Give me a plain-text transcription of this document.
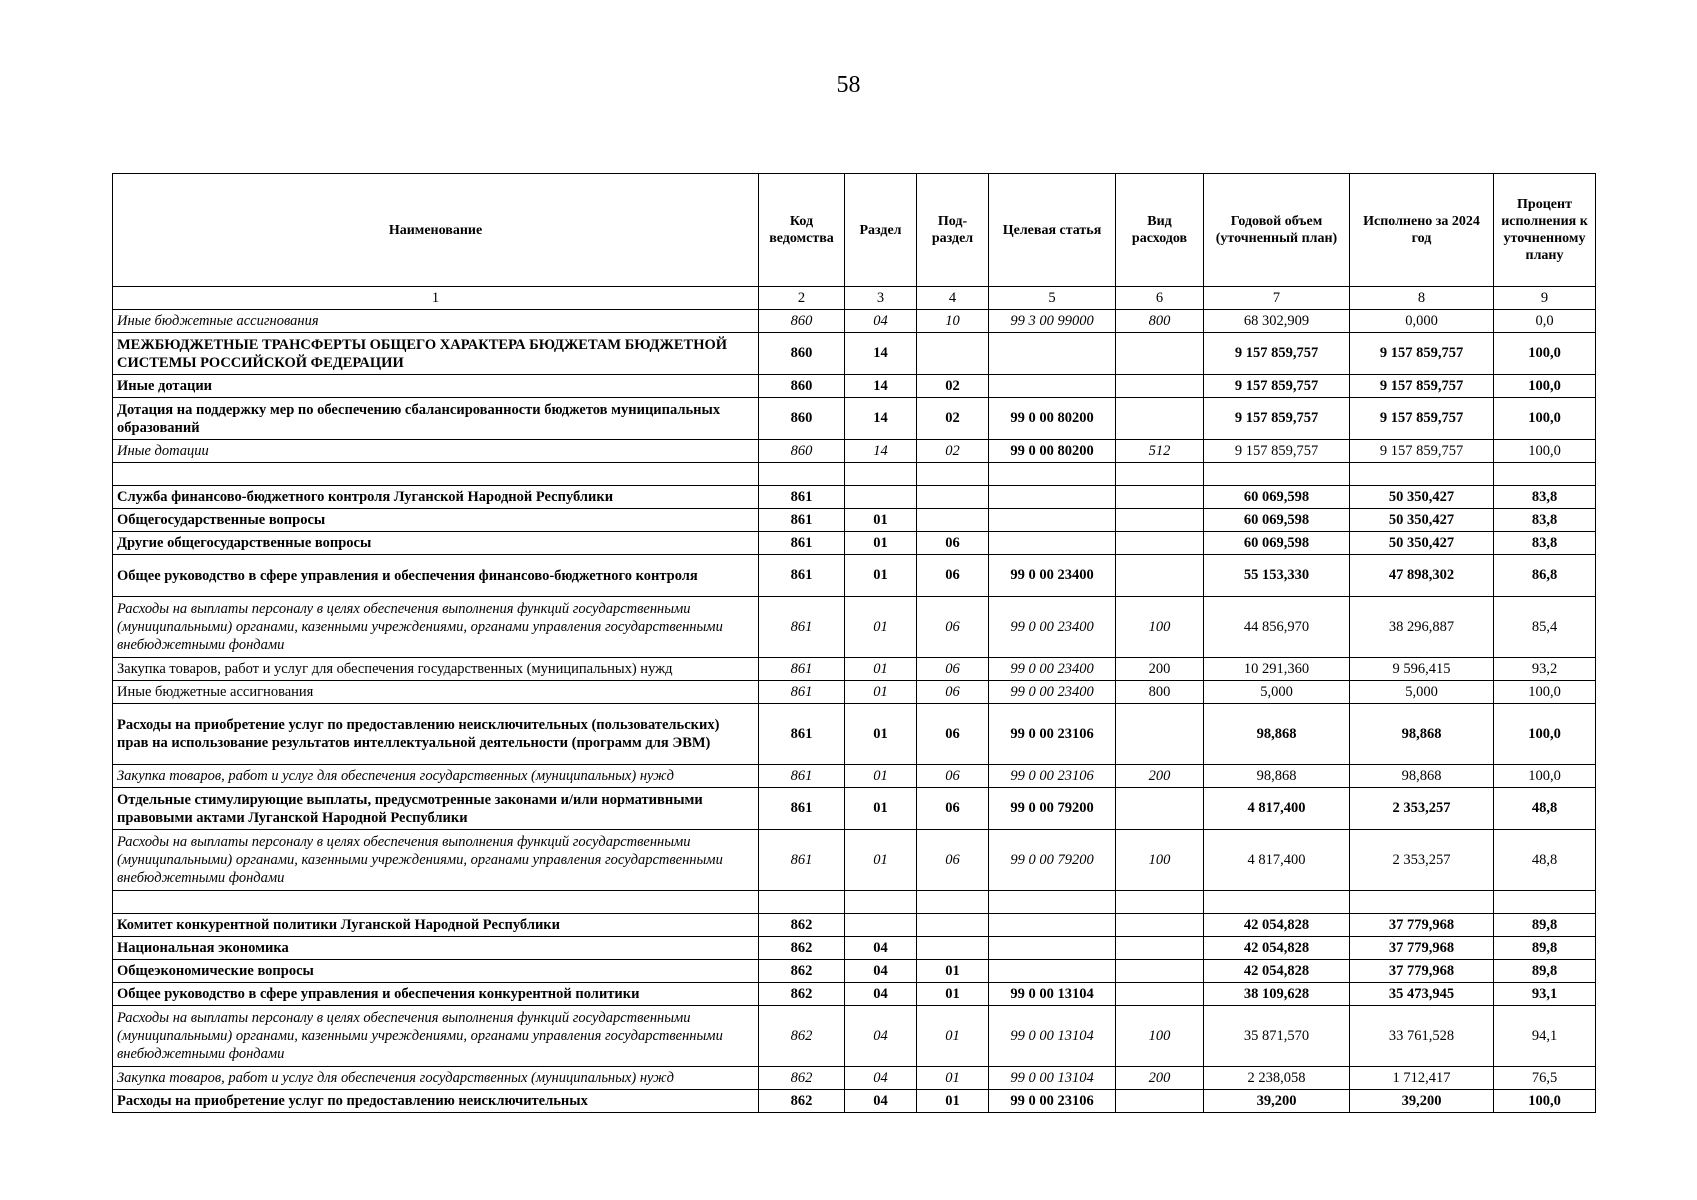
58
Наименование	Код ведомства	Раздел	Под-раздел	Целевая статья	Вид расходов	Годовой объем (уточненный план)	Исполнено за 2024 год	Процент исполнения к уточненному плану
1	2	3	4	5	6	7	8	9
Иные бюджетные ассигнования	860	04	10	99 3 00 99000	800	68 302,909	0,000	0,0
МЕЖБЮДЖЕТНЫЕ ТРАНСФЕРТЫ ОБЩЕГО ХАРАКТЕРА БЮДЖЕТАМ БЮДЖЕТНОЙ СИСТЕМЫ РОССИЙСКОЙ ФЕДЕРАЦИИ	860	14				9 157 859,757	9 157 859,757	100,0
Иные дотации	860	14	02			9 157 859,757	9 157 859,757	100,0
Дотация на поддержку мер по обеспечению сбалансированности бюджетов муниципальных образований	860	14	02	99 0 00 80200		9 157 859,757	9 157 859,757	100,0
Иные дотации	860	14	02	99 0 00 80200	512	9 157 859,757	9 157 859,757	100,0

Служба финансово-бюджетного контроля Луганской Народной Республики	861					60 069,598	50 350,427	83,8
Общегосударственные вопросы	861	01				60 069,598	50 350,427	83,8
Другие общегосударственные вопросы	861	01	06			60 069,598	50 350,427	83,8
Общее руководство в сфере управления и обеспечения финансово-бюджетного контроля	861	01	06	99 0 00 23400		55 153,330	47 898,302	86,8
Расходы на выплаты персоналу в целях обеспечения выполнения функций государственными (муниципальными) органами, казенными учреждениями, органами управления государственными внебюджетными фондами	861	01	06	99 0 00 23400	100	44 856,970	38 296,887	85,4
Закупка товаров, работ и услуг для обеспечения государственных (муниципальных) нужд	861	01	06	99 0 00 23400	200	10 291,360	9 596,415	93,2
Иные бюджетные ассигнования	861	01	06	99 0 00 23400	800	5,000	5,000	100,0
Расходы на приобретение услуг по предоставлению неисключительных (пользовательских) прав на использование результатов интеллектуальной деятельности (программ для ЭВМ)	861	01	06	99 0 00 23106		98,868	98,868	100,0
Закупка товаров, работ и услуг для обеспечения государственных (муниципальных) нужд	861	01	06	99 0 00 23106	200	98,868	98,868	100,0
Отдельные стимулирующие выплаты, предусмотренные законами и/или нормативными правовыми актами Луганской Народной Республики	861	01	06	99 0 00 79200		4 817,400	2 353,257	48,8
Расходы на выплаты персоналу в целях обеспечения выполнения функций государственными (муниципальными) органами, казенными учреждениями, органами управления государственными внебюджетными фондами	861	01	06	99 0 00 79200	100	4 817,400	2 353,257	48,8

Комитет конкурентной политики Луганской Народной Республики	862					42 054,828	37 779,968	89,8
Национальная экономика	862	04				42 054,828	37 779,968	89,8
Общеэкономические вопросы	862	04	01			42 054,828	37 779,968	89,8
Общее руководство в сфере управления и обеспечения конкурентной политики	862	04	01	99 0 00 13104		38 109,628	35 473,945	93,1
Расходы на выплаты персоналу в целях обеспечения выполнения функций государственными (муниципальными) органами, казенными учреждениями, органами управления государственными внебюджетными фондами	862	04	01	99 0 00 13104	100	35 871,570	33 761,528	94,1
Закупка товаров, работ и услуг для обеспечения государственных (муниципальных) нужд	862	04	01	99 0 00 13104	200	2 238,058	1 712,417	76,5
Расходы на приобретение услуг по предоставлению неисключительных	862	04	01	99 0 00 23106		39,200	39,200	100,0
